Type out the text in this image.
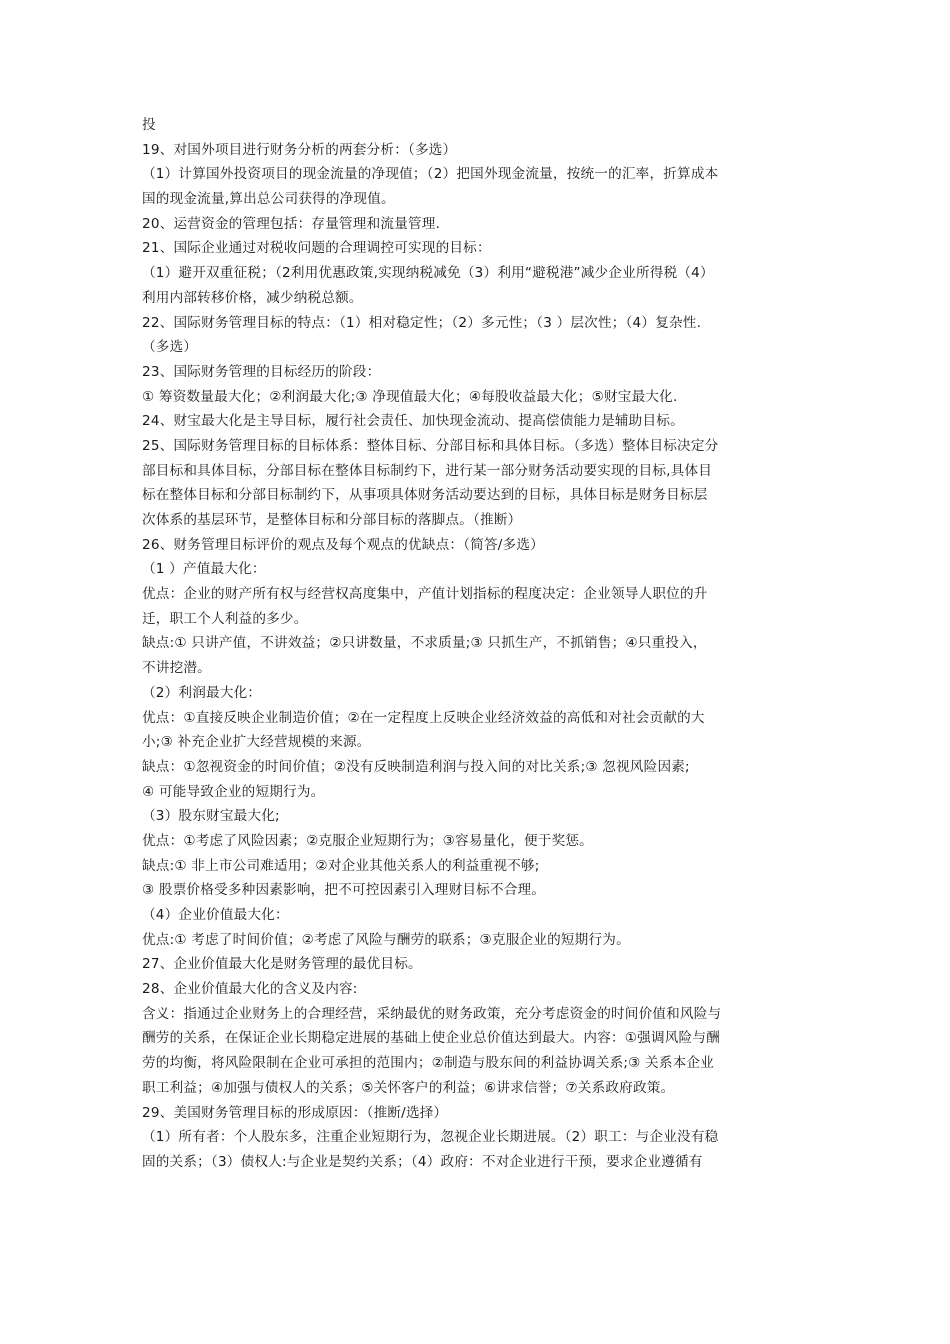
投
19、对国外项目进行财务分析的两套分析：（多选）
（1）计算国外投资项目的现金流量的净现值；（2）把国外现金流量，按统一的汇率，折算成本
国的现金流量,算出总公司获得的净现值。
20、运营资金的管理包括：存量管理和流量管理.
21、国际企业通过对税收问题的合理调控可实现的目标：
（1）避开双重征税；（2利用优惠政策,实现纳税减免（3）利用“避税港”减少企业所得税（4）
利用内部转移价格，减少纳税总额。
22、国际财务管理目标的特点：（1）相对稳定性；（2）多元性；（3 ）层次性；（4）复杂性.
（多选）
23、国际财务管理的目标经历的阶段：
① 筹资数量最大化；②利润最大化;③ 净现值最大化；④每股收益最大化；⑤财宝最大化.
24、财宝最大化是主导目标，履行社会责任、加快现金流动、提高偿债能力是辅助目标。
25、国际财务管理目标的目标体系：整体目标、分部目标和具体目标。（多选）整体目标决定分
部目标和具体目标，分部目标在整体目标制约下，进行某一部分财务活动要实现的目标,具体目
标在整体目标和分部目标制约下，从事项具体财务活动要达到的目标，具体目标是财务目标层
次体系的基层环节，是整体目标和分部目标的落脚点。（推断）
26、财务管理目标评价的观点及每个观点的优缺点：（简答/多选）
（1 ）产值最大化：
优点：企业的财产所有权与经营权高度集中，产值计划指标的程度决定：企业领导人职位的升
迁，职工个人利益的多少。
缺点:① 只讲产值，不讲效益；②只讲数量，不求质量;③ 只抓生产，不抓销售；④只重投入，
不讲挖潜。
（2）利润最大化：
优点：①直接反映企业制造价值；②在一定程度上反映企业经济效益的高低和对社会贡献的大
小;③ 补充企业扩大经营规模的来源。
缺点：①忽视资金的时间价值；②没有反映制造利润与投入间的对比关系;③ 忽视风险因素;
④ 可能导致企业的短期行为。
（3）股东财宝最大化;
优点：①考虑了风险因素；②克服企业短期行为；③容易量化，便于奖惩。
缺点:① 非上市公司难适用；②对企业其他关系人的利益重视不够;
③ 股票价格受多种因素影响，把不可控因素引入理财目标不合理。
（4）企业价值最大化：
优点:① 考虑了时间价值；②考虑了风险与酬劳的联系；③克服企业的短期行为。
27、企业价值最大化是财务管理的最优目标。
28、企业价值最大化的含义及内容:
含义：指通过企业财务上的合理经营，采纳最优的财务政策，充分考虑资金的时间价值和风险与
酬劳的关系，在保证企业长期稳定进展的基础上使企业总价值达到最大。内容：①强调风险与酬
劳的均衡，将风险限制在企业可承担的范围内；②制造与股东间的利益协调关系;③ 关系本企业
职工利益；④加强与债权人的关系；⑤关怀客户的利益；⑥讲求信誉；⑦关系政府政策。
29、美国财务管理目标的形成原因：（推断/选择）
（1）所有者：个人股东多，注重企业短期行为，忽视企业长期进展。（2）职工：与企业没有稳
固的关系；（3）债权人:与企业是契约关系；（4）政府：不对企业进行干预，要求企业遵循有
